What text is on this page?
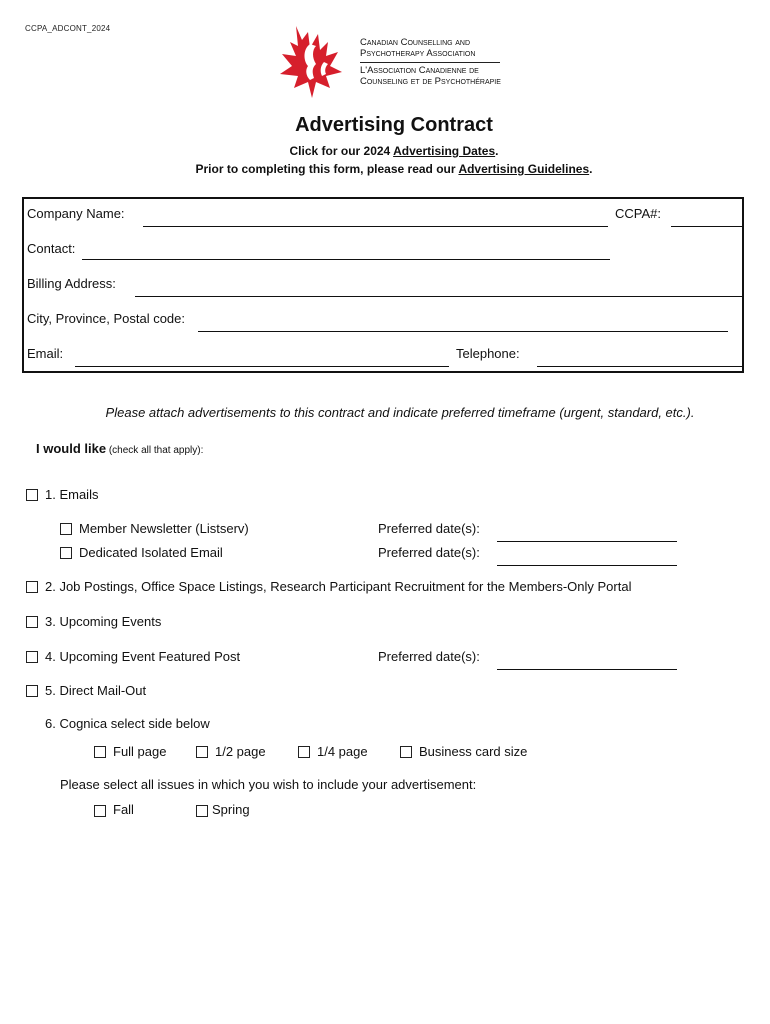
CCPA_ADCONT_2024
Canadian Counselling and
Psychotherapy Association
L'Association Canadienne de
Counseling et de Psychothérapie
Advertising Contract
Click for our 2024 Advertising Dates.
Prior to completing this form, please read our Advertising Guidelines.
Company Name:	CCPA#:
Contact:
Billing Address:
City, Province, Postal code:
Email:	Telephone:
Please attach advertisements to this contract and indicate preferred timeframe (urgent, standard, etc.).
I would like (check all that apply):
1. Emails
Member Newsletter (Listserv)	Preferred date(s):
Dedicated Isolated Email	Preferred date(s):
2. Job Postings, Office Space Listings, Research Participant Recruitment for the Members-Only Portal
3. Upcoming Events
4. Upcoming Event Featured Post	Preferred date(s):
5. Direct Mail-Out
6. Cognica select side below
Full page	1/2 page	1/4 page	Business card size
Please select all issues in which you wish to include your advertisement:
Fall	Spring
